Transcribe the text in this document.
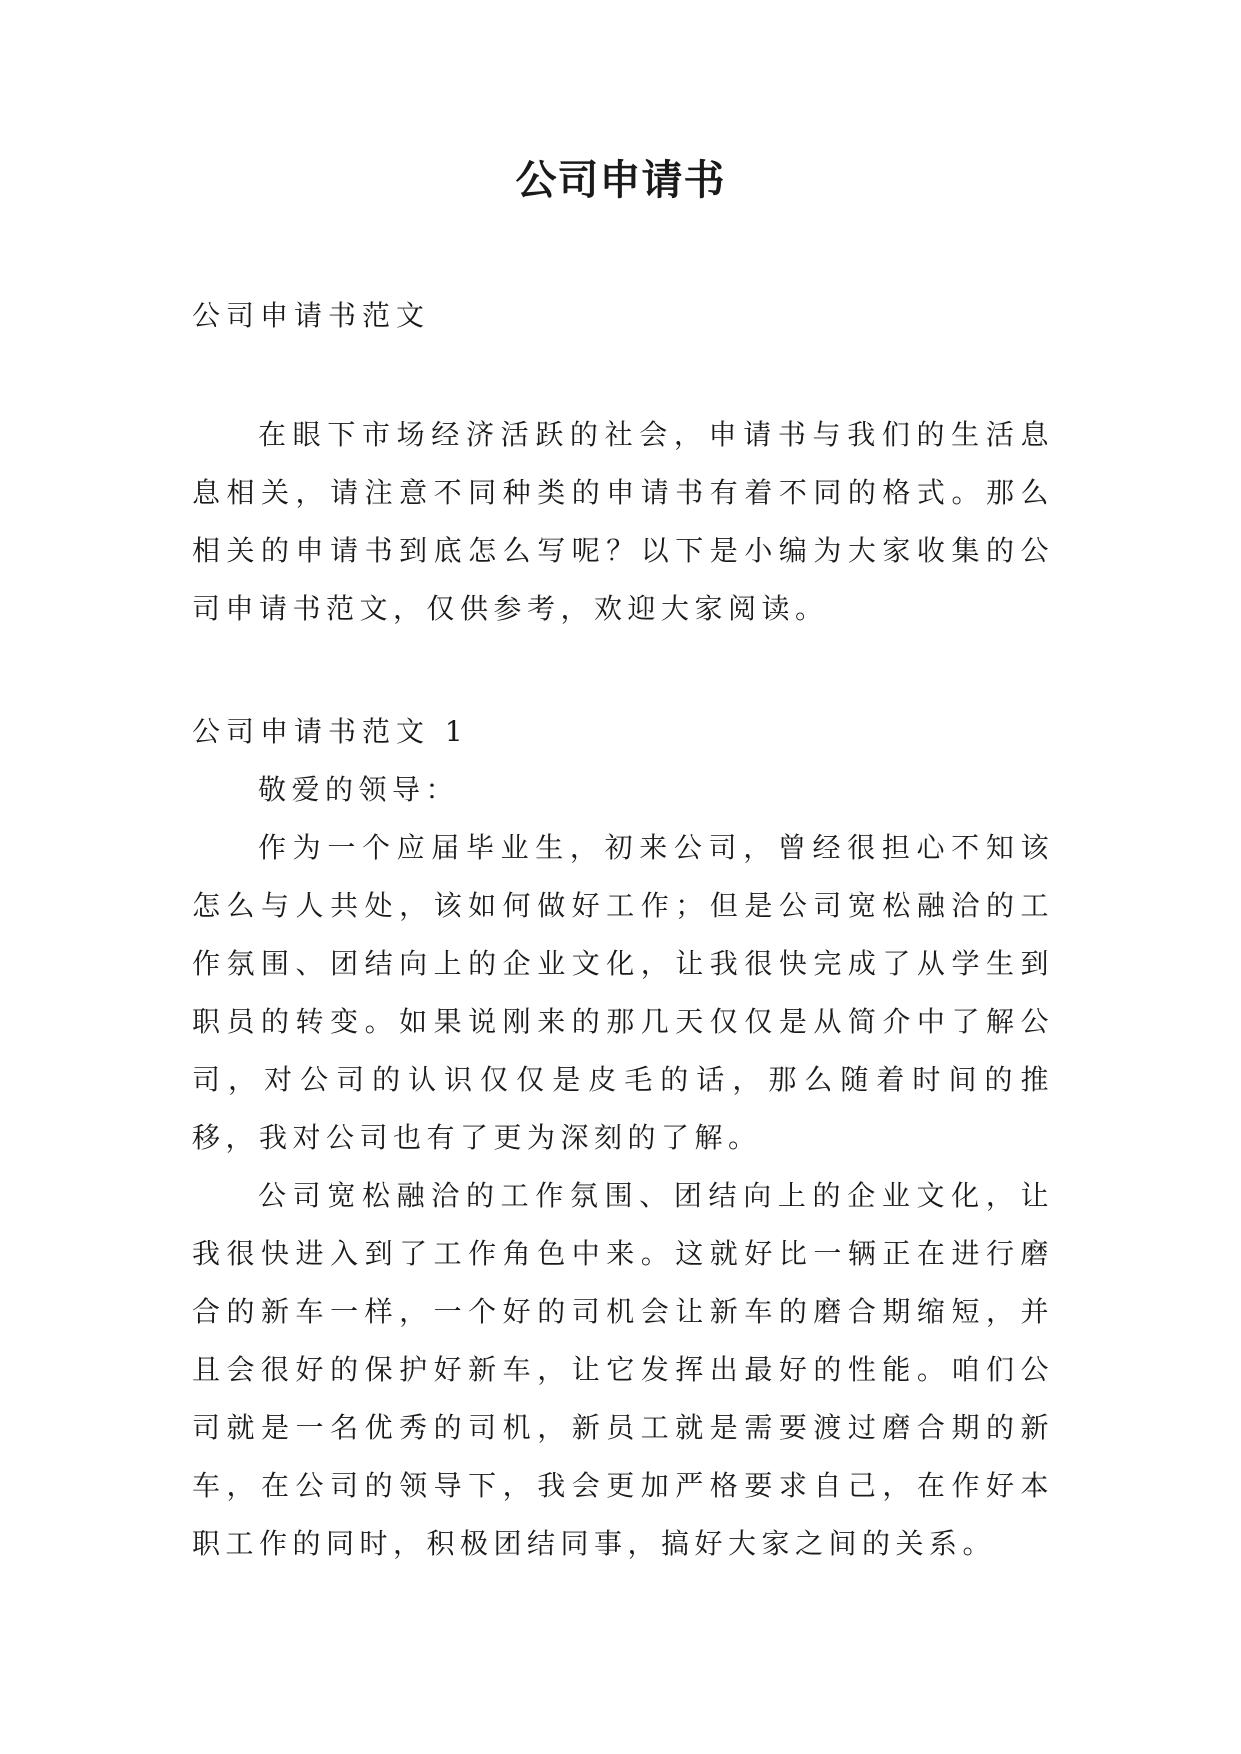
公司申请书

公司申请书范文

在眼下市场经济活跃的社会，申请书与我们的生活息息相关，请注意不同种类的申请书有着不同的格式。那么相关的申请书到底怎么写呢？以下是小编为大家收集的公司申请书范文，仅供参考，欢迎大家阅读。

公司申请书范文 1

敬爱的领导：

作为一个应届毕业生，初来公司，曾经很担心不知该怎么与人共处，该如何做好工作；但是公司宽松融洽的工作氛围、团结向上的企业文化，让我很快完成了从学生到职员的转变。如果说刚来的那几天仅仅是从简介中了解公司，对公司的认识仅仅是皮毛的话，那么随着时间的推移，我对公司也有了更为深刻的了解。

公司宽松融洽的工作氛围、团结向上的企业文化，让我很快进入到了工作角色中来。这就好比一辆正在进行磨合的新车一样，一个好的司机会让新车的磨合期缩短，并且会很好的保护好新车，让它发挥出最好的性能。咱们公司就是一名优秀的司机，新员工就是需要渡过磨合期的新车，在公司的领导下，我会更加严格要求自己，在作好本职工作的同时，积极团结同事，搞好大家之间的关系。
